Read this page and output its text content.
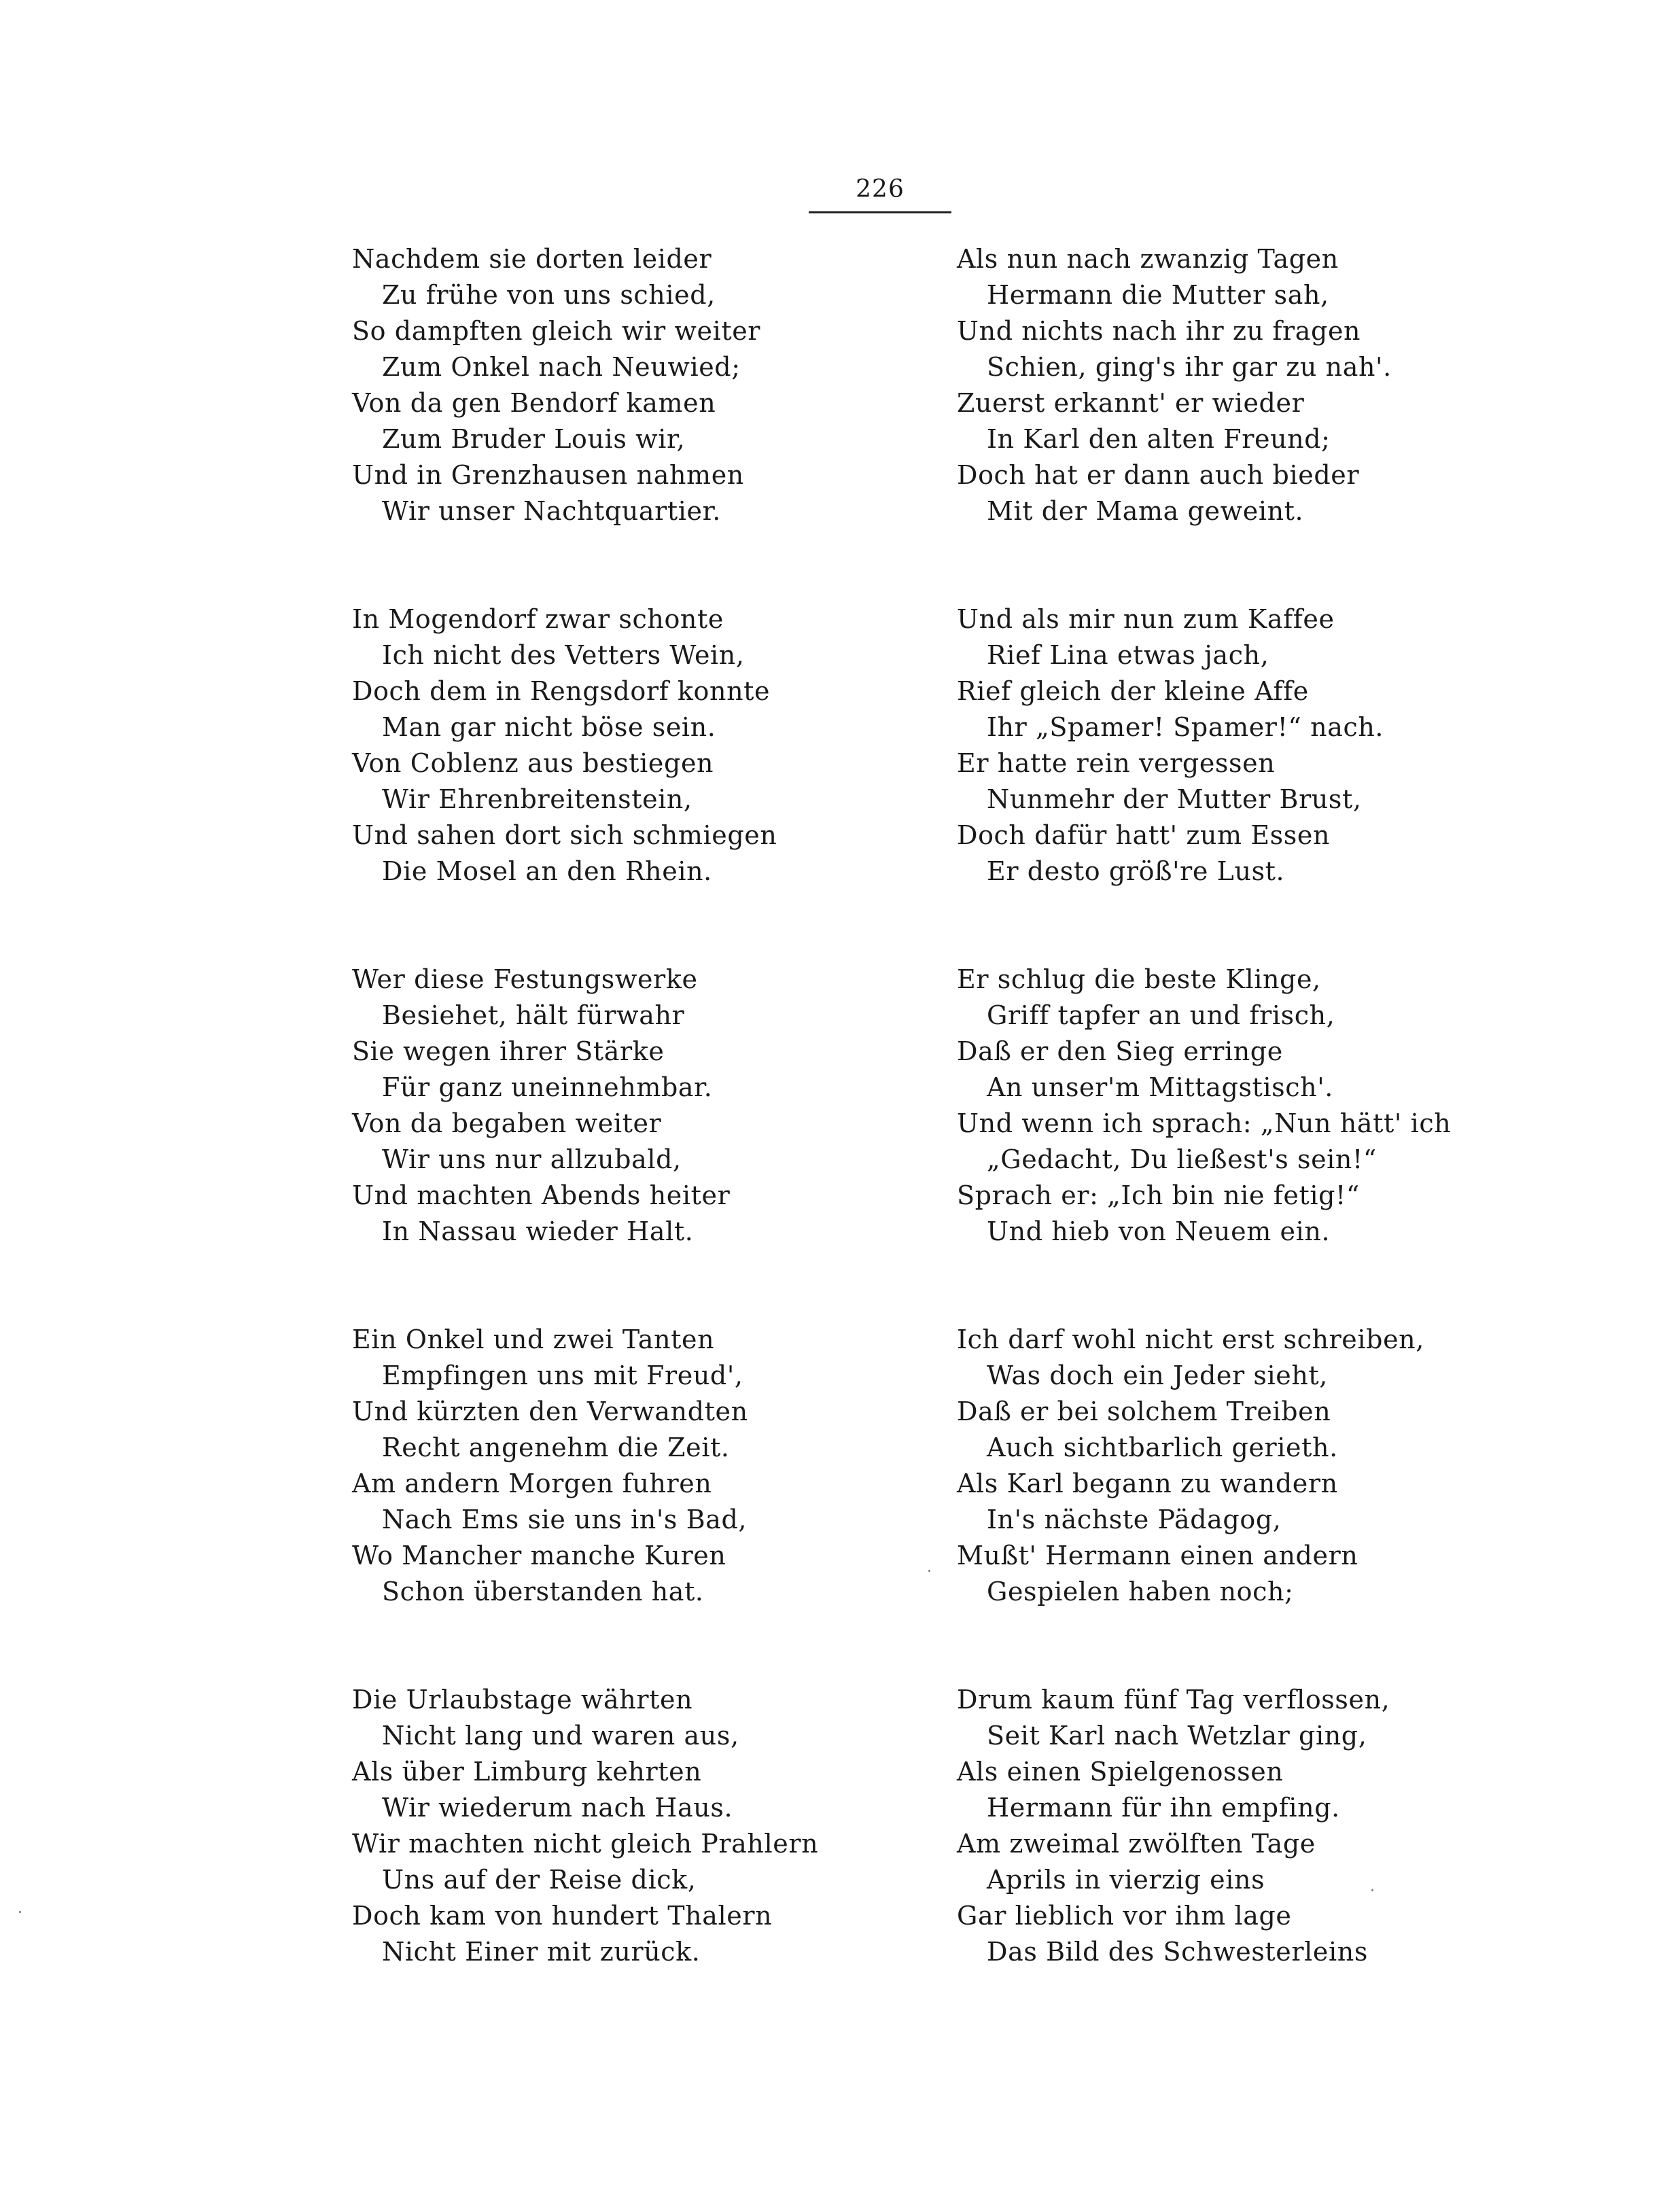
226
Nachdem sie dorten leider
Zu frühe von uns schied,
So dampften gleich wir weiter
Zum Onkel nach Neuwied;
Von da gen Bendorf kamen
Zum Bruder Louis wir,
Und in Grenzhausen nahmen
Wir unser Nachtquartier.
In Mogendorf zwar schonte
Ich nicht des Vetters Wein,
Doch dem in Rengsdorf konnte
Man gar nicht böse sein.
Von Coblenz aus bestiegen
Wir Ehrenbreitenstein,
Und sahen dort sich schmiegen
Die Mosel an den Rhein.
Wer diese Festungswerke
Besiehet, hält fürwahr
Sie wegen ihrer Stärke
Für ganz uneinnehmbar.
Von da begaben weiter
Wir uns nur allzubald,
Und machten Abends heiter
In Nassau wieder Halt.
Ein Onkel und zwei Tanten
Empfingen uns mit Freud',
Und kürzten den Verwandten
Recht angenehm die Zeit.
Am andern Morgen fuhren
Nach Ems sie uns in's Bad,
Wo Mancher manche Kuren
Schon überstanden hat.
Die Urlaubstage währten
Nicht lang und waren aus,
Als über Limburg kehrten
Wir wiederum nach Haus.
Wir machten nicht gleich Prahlern
Uns auf der Reise dick,
Doch kam von hundert Thalern
Nicht Einer mit zurück.
Als nun nach zwanzig Tagen
Hermann die Mutter sah,
Und nichts nach ihr zu fragen
Schien, ging's ihr gar zu nah'.
Zuerst erkannt' er wieder
In Karl den alten Freund;
Doch hat er dann auch bieder
Mit der Mama geweint.
Und als mir nun zum Kaffee
Rief Lina etwas jach,
Rief gleich der kleine Affe
Ihr „Spamer! Spamer!“ nach.
Er hatte rein vergessen
Nunmehr der Mutter Brust,
Doch dafür hatt' zum Essen
Er desto größ're Lust.
Er schlug die beste Klinge,
Griff tapfer an und frisch,
Daß er den Sieg erringe
An unser'm Mittagstisch'.
Und wenn ich sprach: „Nun hätt' ich
„Gedacht, Du ließest's sein!“
Sprach er: „Ich bin nie fetig!“
Und hieb von Neuem ein.
Ich darf wohl nicht erst schreiben,
Was doch ein Jeder sieht,
Daß er bei solchem Treiben
Auch sichtbarlich gerieth.
Als Karl begann zu wandern
In's nächste Pädagog,
Mußt' Hermann einen andern
Gespielen haben noch;
Drum kaum fünf Tag verflossen,
Seit Karl nach Wetzlar ging,
Als einen Spielgenossen
Hermann für ihn empfing.
Am zweimal zwölften Tage
Aprils in vierzig eins
Gar lieblich vor ihm lage
Das Bild des Schwesterleins
